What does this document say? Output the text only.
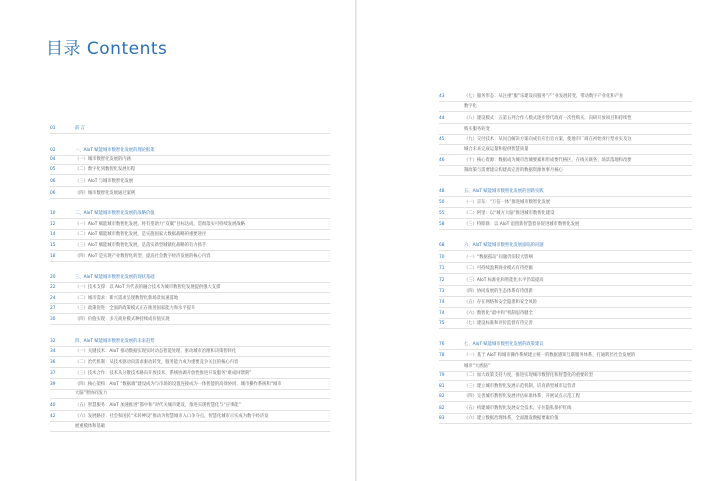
目录 Contents
01	前 言
02	一、AIoT 赋能城市数智化发展的理论框架
04	（一）城市数智化发展的内涵
05	（二）数字化到数智化发展历程
06	（三）AIoT 与城市数智化发展
06	（四）城市数智化发展通过案例
10	二、AIoT 赋能城市数智化发展的战略价值
12	（一）AIoT 赋能城市数智化发展，将有望助力“双碳”目标达成、贯彻落实可持续发展战略
14	（二）AIoT 赋能城市数智化发展，是实施国家大数据战略的重要途径
15	（三）AIoT 赋能城市数智化发展，是落实新型城镇化战略的有力抓手
18	（四）AIoT 是实现产业数智化转型、提高社会数字经济发展的核心内容
20	三、AIoT 赋能城市数智化发展的现状基础
22	（一）技术支撑：以 AIoT 为代表的融合技术为城市数智化发展提供强大支撑
24	（二）城市需求：新兴需求呈现数智化新场景加速落地
27	（三）政策促进：全面的政策模式正在推进国家能力和水平提升
30	（四）价值实现：多元商业模式种持续成价值实现
32	四、AIoT 赋能城市数智化发展的未来趋势
34	（一）关键技术：AIoT 推动数据实现实时动态智能处理，驱动城市治理和决策智转化
36	（二）治代机制：从技术驱动向需求驱动转变，服务能力成为重要竞争关注的核心内容
37	（三）技术合作：技术从分散技术路向开放技术，系统协调开放性推进开发服务“难成回馈刻”
39	（四）核心架构：AIoT “数据端”建设成为与市场的设置连接成为一体智能的高效协同，城市操作系统和“城市
大脑”智协同发力
40	（五）智慧服务：AIoT 加速推进“都中和”对代关城市建设，推进实现智慧化与“应事能”
42	（六）发展路径：社会和国民“未转神设”推动为智慧城市入口争夺点，智慧化城市示实成为数字经济发
展重模体和基础
43	（七）服务形态：从注重“服”乐建设向服务“产”业发展转变，带动数字产业化和产业
数字化
44	（八）建设模式：五第五列合作人模式逐步替代政府一次性购买，向研开放项目和持续性
购买服务转变
45	（九）交付技术：从问自解决方案向成有应出官方案，使地市厂商在初始业行型业实及这
城合未来完成运量和提供智慧质量
46	（十）核心资源：数据成为城市治城要素和形成要代格区，在线关联各、场景落地和改要
制政策与需要建议构建高完善的数据资源体事月核心
48	五、AIoT 赋能城市数智化发展的创新实践
50	（一）京东：“万信一体”推进城市数智化发展
55	（二）阿里：以“城方大脑”推进城市数智化建设
58	（三）特斯联：以 AIoT 追创新智慧着泉促进城市数智化发展
68	六、AIoT 赋能城市数智化发展面临的问题
70	（一）“数据孤岛”问题仍旧较大影响
71	（二）可持续盈利商业模式有待挖掘
72	（三）AIoT 标准化和智能化水平仍需提高
73	（四）协同发展的生态体系有待创新
74	（五）存在网络和安全隐患和安全风险
74	（六）数智化“最中和”机制思待健全
75	（七）建设标准和评价监督有待完善
76	七、AIoT 赋能城市数智化发展的政策建议
78	（一）基于 AIoT 和城市操作系统建立统一的数据感知互联服务体系，打通跨层社会发展的
城市“大底脑”
79	（二）加大政策支持力度，推进实现城市数智化和智慧化的重要转型
81	（三）建立城市数智化发展示范机制，培育新型城市运营者
82	（四）完善城市数智化发展评估标准体系，开展试点示范工程
82	（五）构建城市数智化发展安全技术，守住隐私保护红线
83	（六）建立数据治理体系，全面激发数据要素价值
